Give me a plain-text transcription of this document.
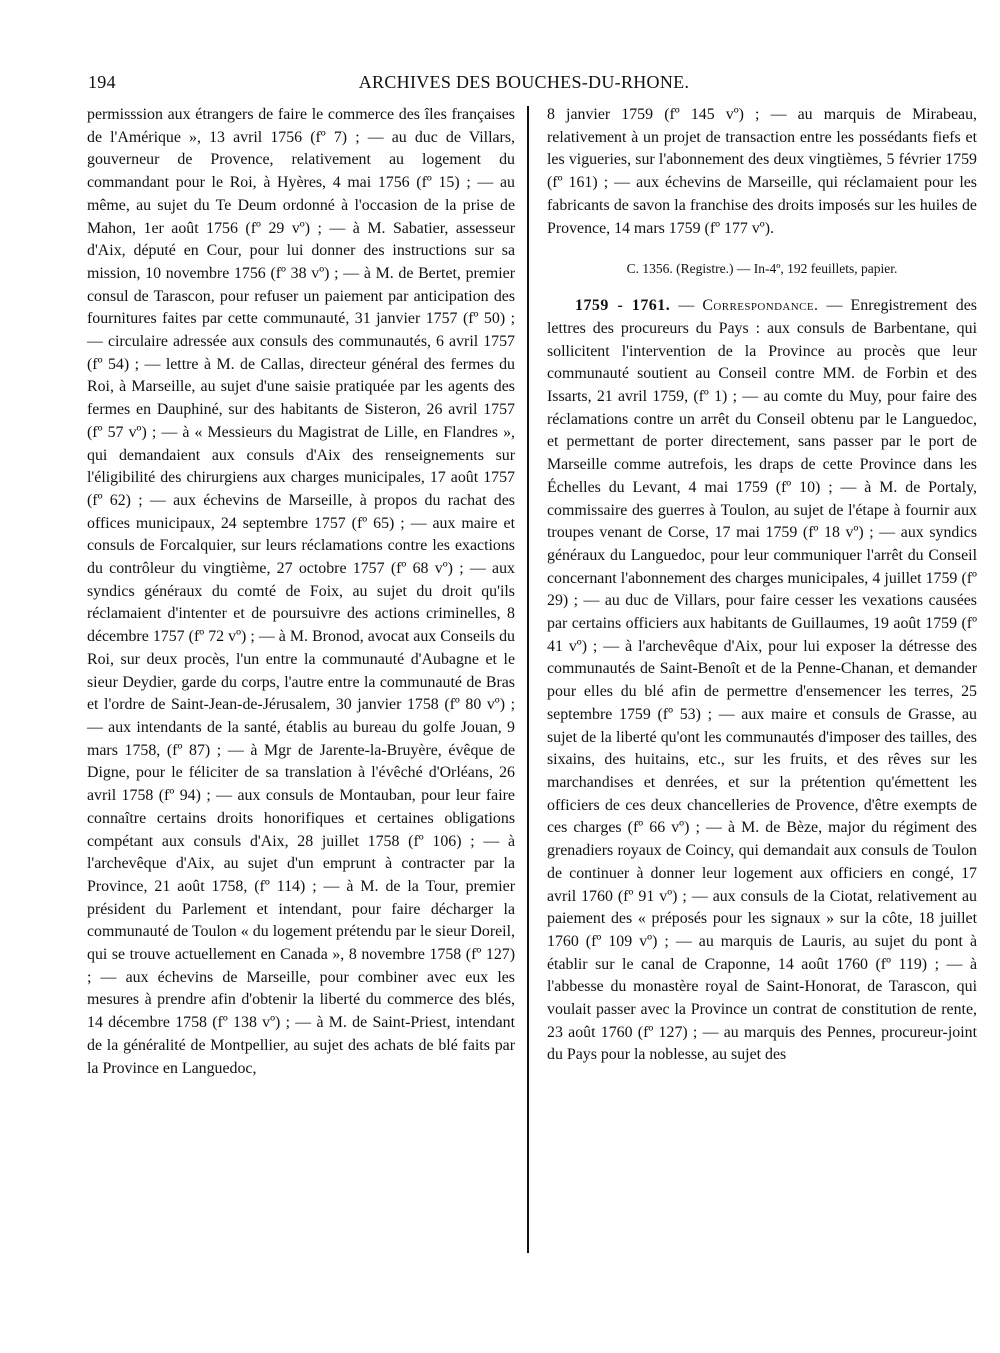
194	ARCHIVES DES BOUCHES-DU-RHONE.
permisssion aux étrangers de faire le commerce des îles françaises de l'Amérique », 13 avril 1756 (fº 7) ; — au duc de Villars, gouverneur de Provence, relativement au logement du commandant pour le Roi, à Hyères, 4 mai 1756 (fº 15) ; — au même, au sujet du Te Deum ordonné à l'occasion de la prise de Mahon, 1er août 1756 (fº 29 vº) ; — à M. Sabatier, assesseur d'Aix, député en Cour, pour lui donner des instructions sur sa mission, 10 novembre 1756 (fº 38 vº) ; — à M. de Bertet, premier consul de Tarascon, pour refuser un paiement par anticipation des fournitures faites par cette communauté, 31 janvier 1757 (fº 50) ; — circulaire adressée aux consuls des communautés, 6 avril 1757 (fº 54) ; — lettre à M. de Callas, directeur général des fermes du Roi, à Marseille, au sujet d'une saisie pratiquée par les agents des fermes en Dauphiné, sur des habitants de Sisteron, 26 avril 1757 (fº 57 vº) ; — à « Messieurs du Magistrat de Lille, en Flandres », qui demandaient aux consuls d'Aix des renseignements sur l'éligibilité des chirurgiens aux charges municipales, 17 août 1757 (fº 62) ; — aux échevins de Marseille, à propos du rachat des offices municipaux, 24 septembre 1757 (fº 65) ; — aux maire et consuls de Forcalquier, sur leurs réclamations contre les exactions du contrôleur du vingtième, 27 octobre 1757 (fº 68 vº) ; — aux syndics généraux du comté de Foix, au sujet du droit qu'ils réclamaient d'intenter et de poursuivre des actions criminelles, 8 décembre 1757 (fº 72 vº) ; — à M. Bronod, avocat aux Conseils du Roi, sur deux procès, l'un entre la communauté d'Aubagne et le sieur Deydier, garde du corps, l'autre entre la communauté de Bras et l'ordre de Saint-Jean-de-Jérusalem, 30 janvier 1758 (fº 80 vº) ; — aux intendants de la santé, établis au bureau du golfe Jouan, 9 mars 1758, (fº 87) ; — à Mgr de Jarente-la-Bruyère, évêque de Digne, pour le féliciter de sa translation à l'évêché d'Orléans, 26 avril 1758 (fº 94) ; — aux consuls de Montauban, pour leur faire connaître certains droits honorifiques et certaines obligations compétant aux consuls d'Aix, 28 juillet 1758 (fº 106) ; — à l'archevêque d'Aix, au sujet d'un emprunt à contracter par la Province, 21 août 1758, (fº 114) ; — à M. de la Tour, premier président du Parlement et intendant, pour faire décharger la communauté de Toulon « du logement prétendu par le sieur Doreil, qui se trouve actuellement en Canada », 8 novembre 1758 (fº 127) ; — aux échevins de Marseille, pour combiner avec eux les mesures à prendre afin d'obtenir la liberté du commerce des blés, 14 décembre 1758 (fº 138 vº) ; — à M. de Saint-Priest, intendant de la généralité de Montpellier, au sujet des achats de blé faits par la Province en Languedoc,

8 janvier 1759 (fº 145 vº) ; — au marquis de Mirabeau, relativement à un projet de transaction entre les possédants fiefs et les vigueries, sur l'abonnement des deux vingtièmes, 5 février 1759 (fº 161) ; — aux échevins de Marseille, qui réclamaient pour les fabricants de savon la franchise des droits imposés sur les huiles de Provence, 14 mars 1759 (fº 177 vº).

C. 1356. (Registre.) — In-4º, 192 feuillets, papier.

1759 - 1761. — Correspondance. — Enregistrement des lettres des procureurs du Pays : aux consuls de Barbentane, qui sollicitent l'intervention de la Province au procès que leur communauté soutient au Conseil contre MM. de Forbin et des Issarts, 21 avril 1759, (fº 1) ; — au comte du Muy, pour faire des réclamations contre un arrêt du Conseil obtenu par le Languedoc, et permettant de porter directement, sans passer par le port de Marseille comme autrefois, les draps de cette Province dans les Échelles du Levant, 4 mai 1759 (fº 10) ; — à M. de Portaly, commissaire des guerres à Toulon, au sujet de l'étape à fournir aux troupes venant de Corse, 17 mai 1759 (fº 18 vº) ; — aux syndics généraux du Languedoc, pour leur communiquer l'arrêt du Conseil concernant l'abonnement des charges municipales, 4 juillet 1759 (fº 29) ; — au duc de Villars, pour faire cesser les vexations causées par certains officiers aux habitants de Guillaumes, 19 août 1759 (fº 41 vº) ; — à l'archevêque d'Aix, pour lui exposer la détresse des communautés de Saint-Benoît et de la Penne-Chanan, et demander pour elles du blé afin de permettre d'ensemencer les terres, 25 septembre 1759 (fº 53) ; — aux maire et consuls de Grasse, au sujet de la liberté qu'ont les communautés d'imposer des tailles, des sixains, des huitains, etc., sur les fruits, et des rêves sur les marchandises et denrées, et sur la prétention qu'émettent les officiers de ces deux chancelleries de Provence, d'être exempts de ces charges (fº 66 vº) ; — à M. de Bèze, major du régiment des grenadiers royaux de Coincy, qui demandait aux consuls de Toulon de continuer à donner leur logement aux officiers en congé, 17 avril 1760 (fº 91 vº) ; — aux consuls de la Ciotat, relativement au paiement des « préposés pour les signaux » sur la côte, 18 juillet 1760 (fº 109 vº) ; — au marquis de Lauris, au sujet du pont à établir sur le canal de Craponne, 14 août 1760 (fº 119) ; — à l'abbesse du monastère royal de Saint-Honorat, de Tarascon, qui voulait passer avec la Province un contrat de constitution de rente, 23 août 1760 (fº 127) ; — au marquis des Pennes, procureur-joint du Pays pour la noblesse, au sujet des
